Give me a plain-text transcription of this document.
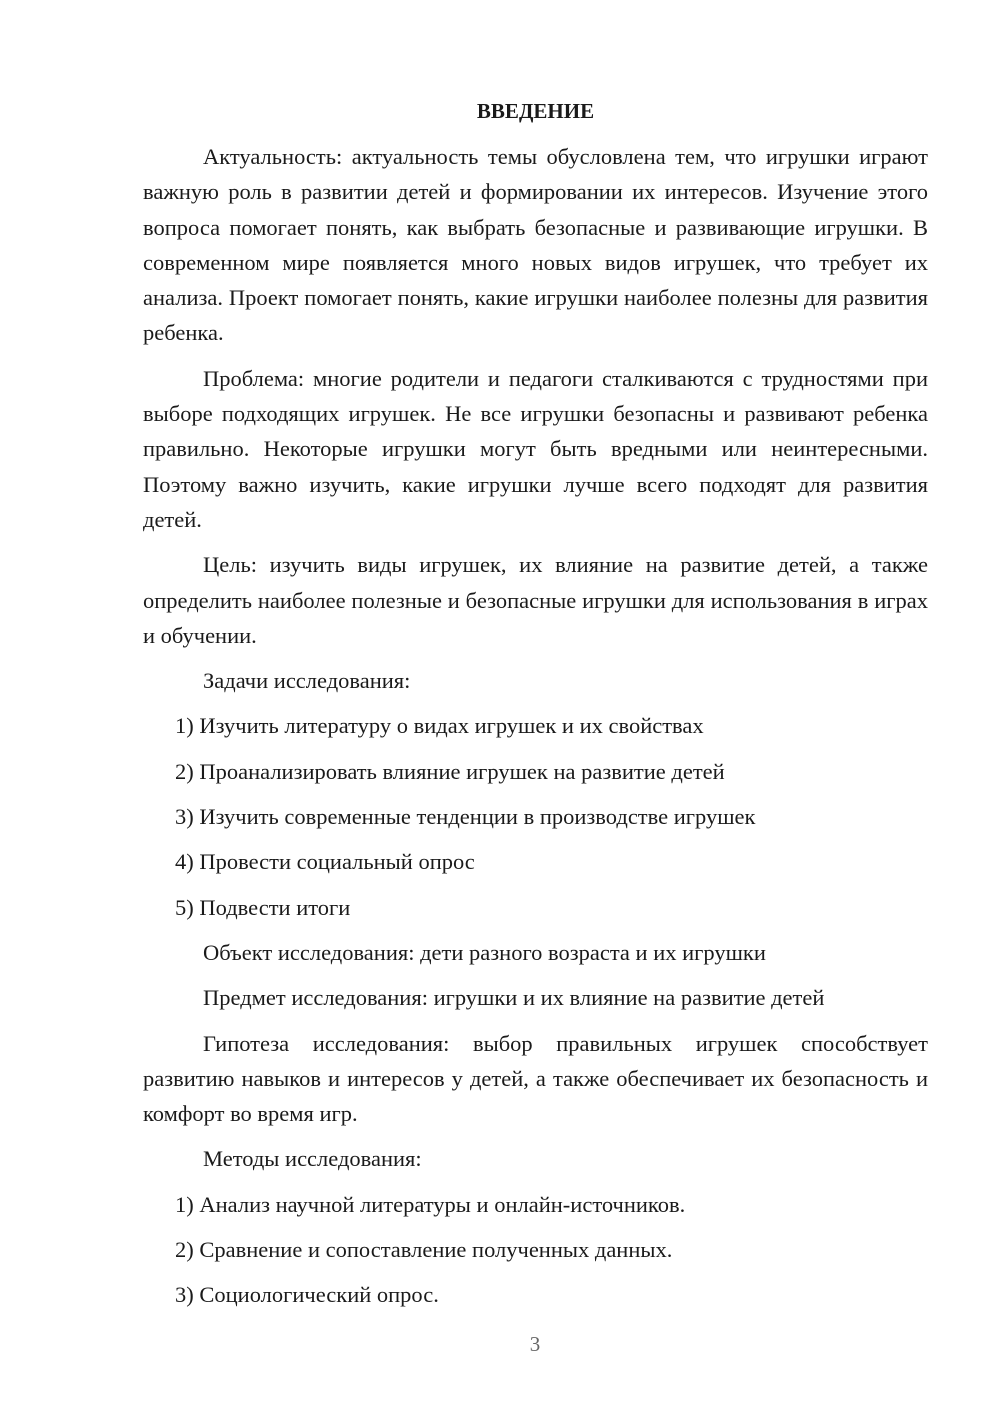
ВВЕДЕНИЕ

Актуальность: актуальность темы обусловлена тем, что игрушки играют важную роль в развитии детей и формировании их интересов. Изучение этого вопроса помогает понять, как выбрать безопасные и развивающие игрушки. В современном мире появляется много новых видов игрушек, что требует их анализа. Проект помогает понять, какие игрушки наиболее полезны для развития ребенка.

Проблема: многие родители и педагоги сталкиваются с трудностями при выборе подходящих игрушек. Не все игрушки безопасны и развивают ребенка правильно. Некоторые игрушки могут быть вредными или неинтересными. Поэтому важно изучить, какие игрушки лучше всего подходят для развития детей.

Цель: изучить виды игрушек, их влияние на развитие детей, а также определить наиболее полезные и безопасные игрушки для использования в играх и обучении.

Задачи исследования:

1) Изучить литературу о видах игрушек и их свойствах
2) Проанализировать влияние игрушек на развитие детей
3) Изучить современные тенденции в производстве игрушек
4) Провести социальный опрос
5) Подвести итоги

Объект исследования: дети разного возраста и их игрушки

Предмет исследования: игрушки и их влияние на развитие детей

Гипотеза исследования: выбор правильных игрушек способствует развитию навыков и интересов у детей, а также обеспечивает их безопасность и комфорт во время игр.

Методы исследования:

1) Анализ научной литературы и онлайн-источников.
2) Сравнение и сопоставление полученных данных.
3) Социологический опрос.
3
